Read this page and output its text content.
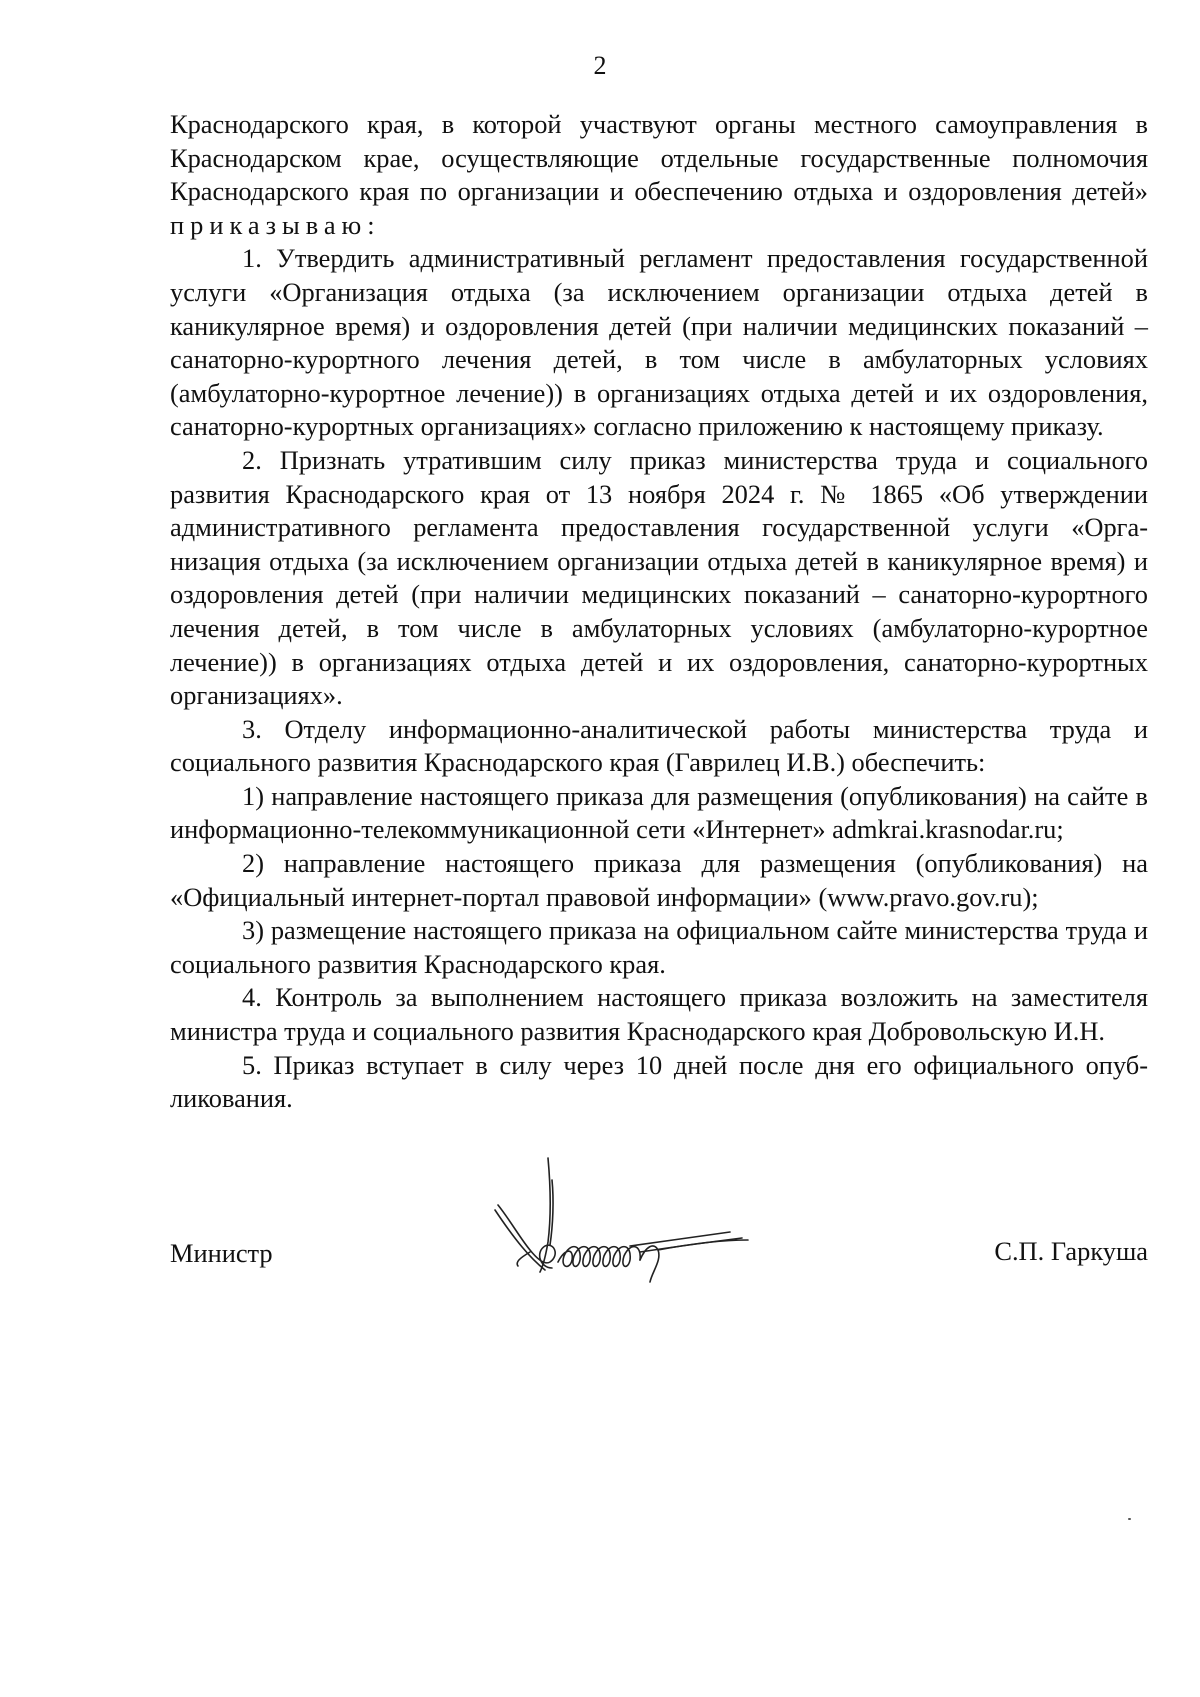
2

Краснодарского края, в которой участвуют органы местного самоуправления в Краснодарском крае, осуществляющие отдельные государственные полномочия Краснодарского края по организации и обеспечению отдыха и оздоровления детей» приказываю:

1. Утвердить административный регламент предоставления государственной услуги «Организация отдыха (за исключением организации отдыха детей в каникулярное время) и оздоровления детей (при наличии медицинских показаний – санаторно-курортного лечения детей, в том числе в амбулаторных условиях (амбулаторно-курортное лечение)) в организациях отдыха детей и их оздоровления, санаторно-курортных организациях» согласно приложению к настоящему приказу.

2. Признать утратившим силу приказ министерства труда и социального развития Краснодарского края от 13 ноября 2024 г. № 1865 «Об утверждении административного регламента предоставления государственной услуги «Организация отдыха (за исключением организации отдыха детей в каникулярное время) и оздоровления детей (при наличии медицинских показаний – санаторно-курортного лечения детей, в том числе в амбулаторных условиях (амбулаторно-курортное лечение)) в организациях отдыха детей и их оздоровления, санаторно-курортных организациях».

3. Отделу информационно-аналитической работы министерства труда и социального развития Краснодарского края (Гаврилец И.В.) обеспечить:

1) направление настоящего приказа для размещения (опубликования) на сайте в информационно-телекоммуникационной сети «Интернет» admkrai.krasnodar.ru;

2) направление настоящего приказа для размещения (опубликования) на «Официальный интернет-портал правовой информации» (www.pravo.gov.ru);

3) размещение настоящего приказа на официальном сайте министерства труда и социального развития Краснодарского края.

4. Контроль за выполнением настоящего приказа возложить на заместителя министра труда и социального развития Краснодарского края Добровольскую И.Н.

5. Приказ вступает в силу через 10 дней после дня его официального опубликования.

Министр	С.П. Гаркуша
